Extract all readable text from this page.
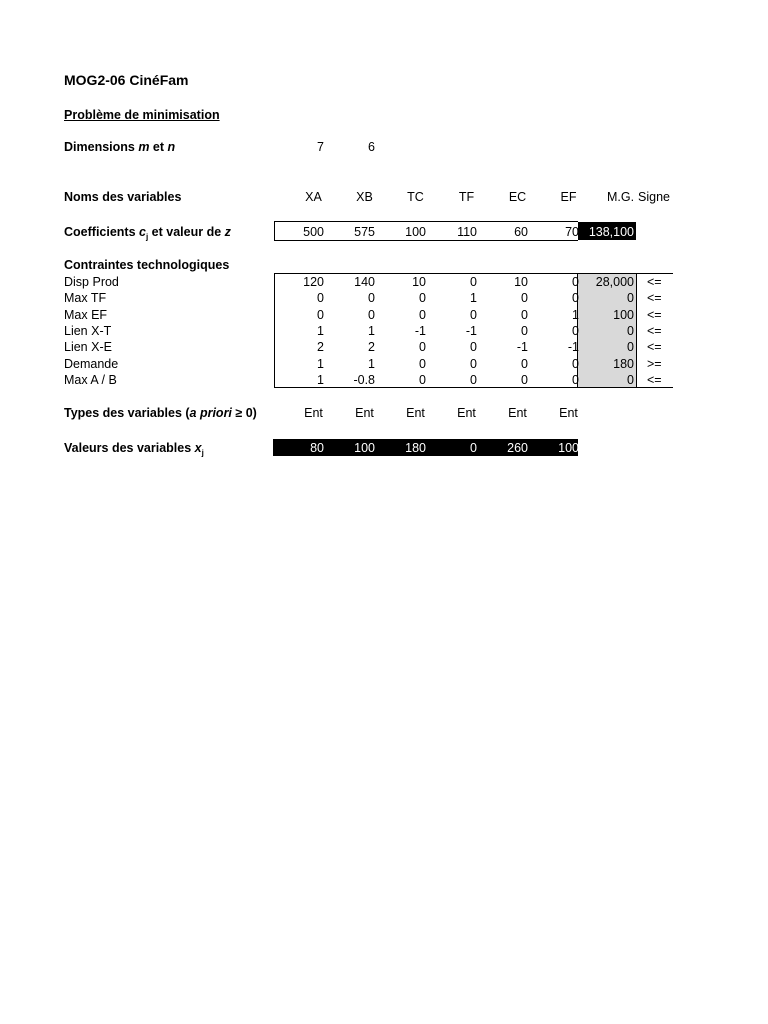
MOG2-06 CinéFam
Problème de minimisation
Dimensions m et n	7	6
Noms des variables	XA	XB	TC	TF	EC	EF	M.G. Signe
Coefficients $c_j$ et valeur de z	500	575	100	110	60	70 138,100
Contraintes technologiques
Disp Prod	120	140	10	0	10	0	28,000 <=
Max TF	0	0	0	1	0	0	0 <=
Max EF	0	0	0	0	0	1	100 <=
Lien X-T	1	1	-1	-1	0	0	0 <=
Lien X-E	2	2	0	0	-1	-1	0 <=
Demande	1	1	0	0	0	0	180 >=
Max A / B	1	-0.8	0	0	0	0	0 <=
Types des variables (a priori ≥ 0)	Ent	Ent	Ent	Ent	Ent	Ent
Valeurs des variables $x_j$	80	100	180	0	260	100
